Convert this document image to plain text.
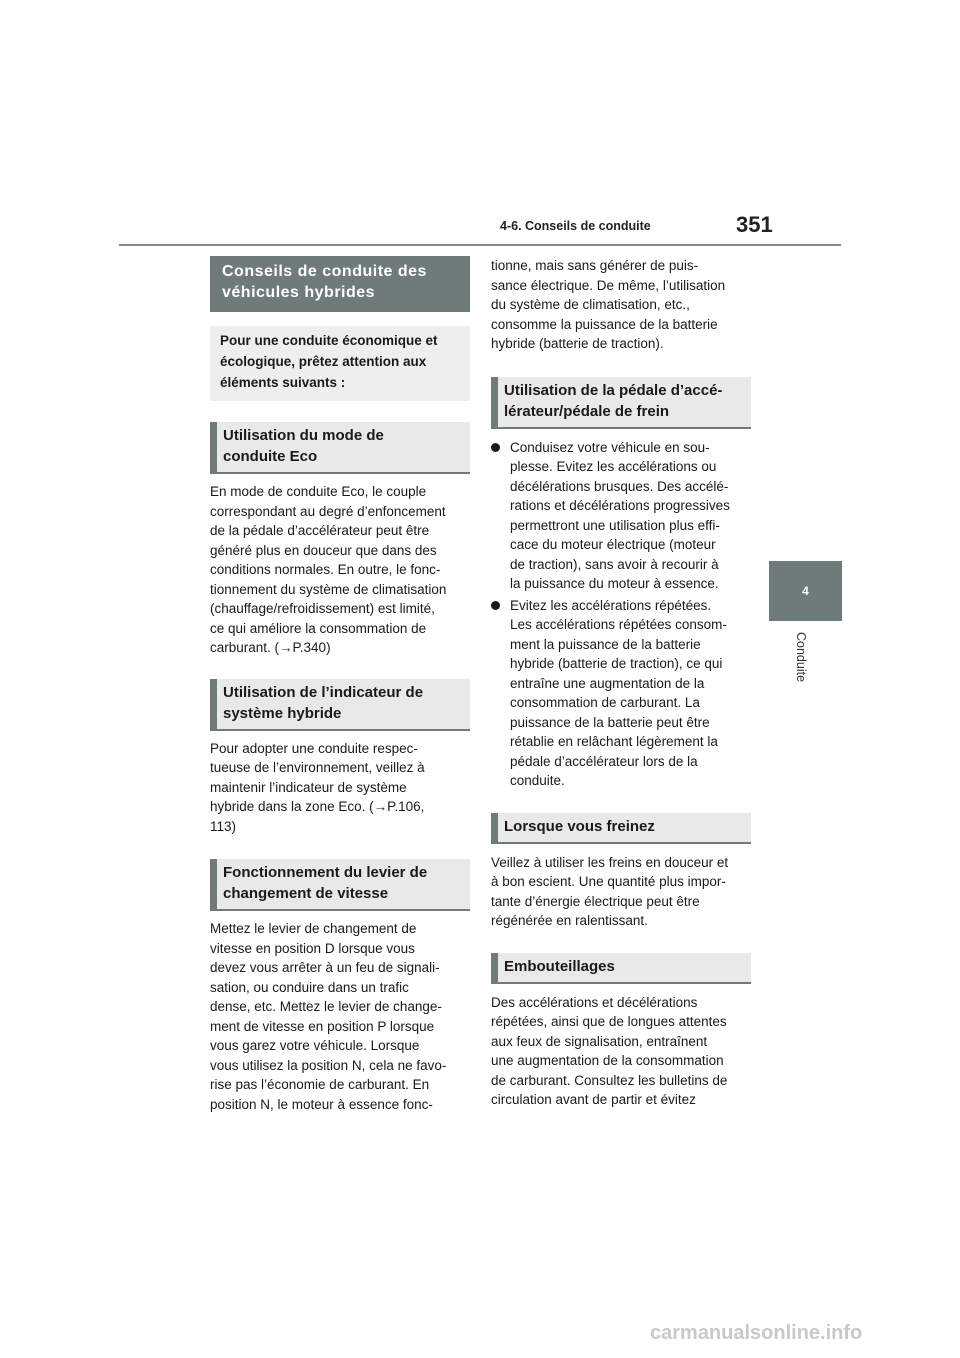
4-6. Conseils de conduite	351
4
Conduite
Conseils de conduite des
véhicules hybrides
Pour une conduite économique et
écologique, prêtez attention aux
éléments suivants :
Utilisation du mode de
conduite Eco

En mode de conduite Eco, le couple
correspondant au degré d’enfoncement
de la pédale d’accélérateur peut être
généré plus en douceur que dans des
conditions normales. En outre, le fonc-
tionnement du système de climatisation
(chauffage/refroidissement) est limité,
ce qui améliore la consommation de
carburant. (→P.340)

Utilisation de l’indicateur de
système hybride

Pour adopter une conduite respec-
tueuse de l’environnement, veillez à
maintenir l’indicateur de système
hybride dans la zone Eco. (→P.106,
113)

Fonctionnement du levier de
changement de vitesse

Mettez le levier de changement de
vitesse en position D lorsque vous
devez vous arrêter à un feu de signali-
sation, ou conduire dans un trafic
dense, etc. Mettez le levier de change-
ment de vitesse en position P lorsque
vous garez votre véhicule. Lorsque
vous utilisez la position N, cela ne favo-
rise pas l’économie de carburant. En
position N, le moteur à essence fonc-

tionne, mais sans générer de puis-
sance électrique. De même, l’utilisation
du système de climatisation, etc.,
consomme la puissance de la batterie
hybride (batterie de traction).

Utilisation de la pédale d’accé-
lérateur/pédale de frein
Conduisez votre véhicule en sou-
plesse. Evitez les accélérations ou
décélérations brusques. Des accélé-
rations et décélérations progressives
permettront une utilisation plus effi-
cace du moteur électrique (moteur
de traction), sans avoir à recourir à
la puissance du moteur à essence.
Evitez les accélérations répétées.
Les accélérations répétées consom-
ment la puissance de la batterie
hybride (batterie de traction), ce qui
entraîne une augmentation de la
consommation de carburant. La
puissance de la batterie peut être
rétablie en relâchant légèrement la
pédale d’accélérateur lors de la
conduite.
Lorsque vous freinez

Veillez à utiliser les freins en douceur et
à bon escient. Une quantité plus impor-
tante d’énergie électrique peut être
régénérée en ralentissant.

Embouteillages

Des accélérations et décélérations
répétées, ainsi que de longues attentes
aux feux de signalisation, entraînent
une augmentation de la consommation
de carburant. Consultez les bulletins de
circulation avant de partir et évitez

carmanualsonline.info
